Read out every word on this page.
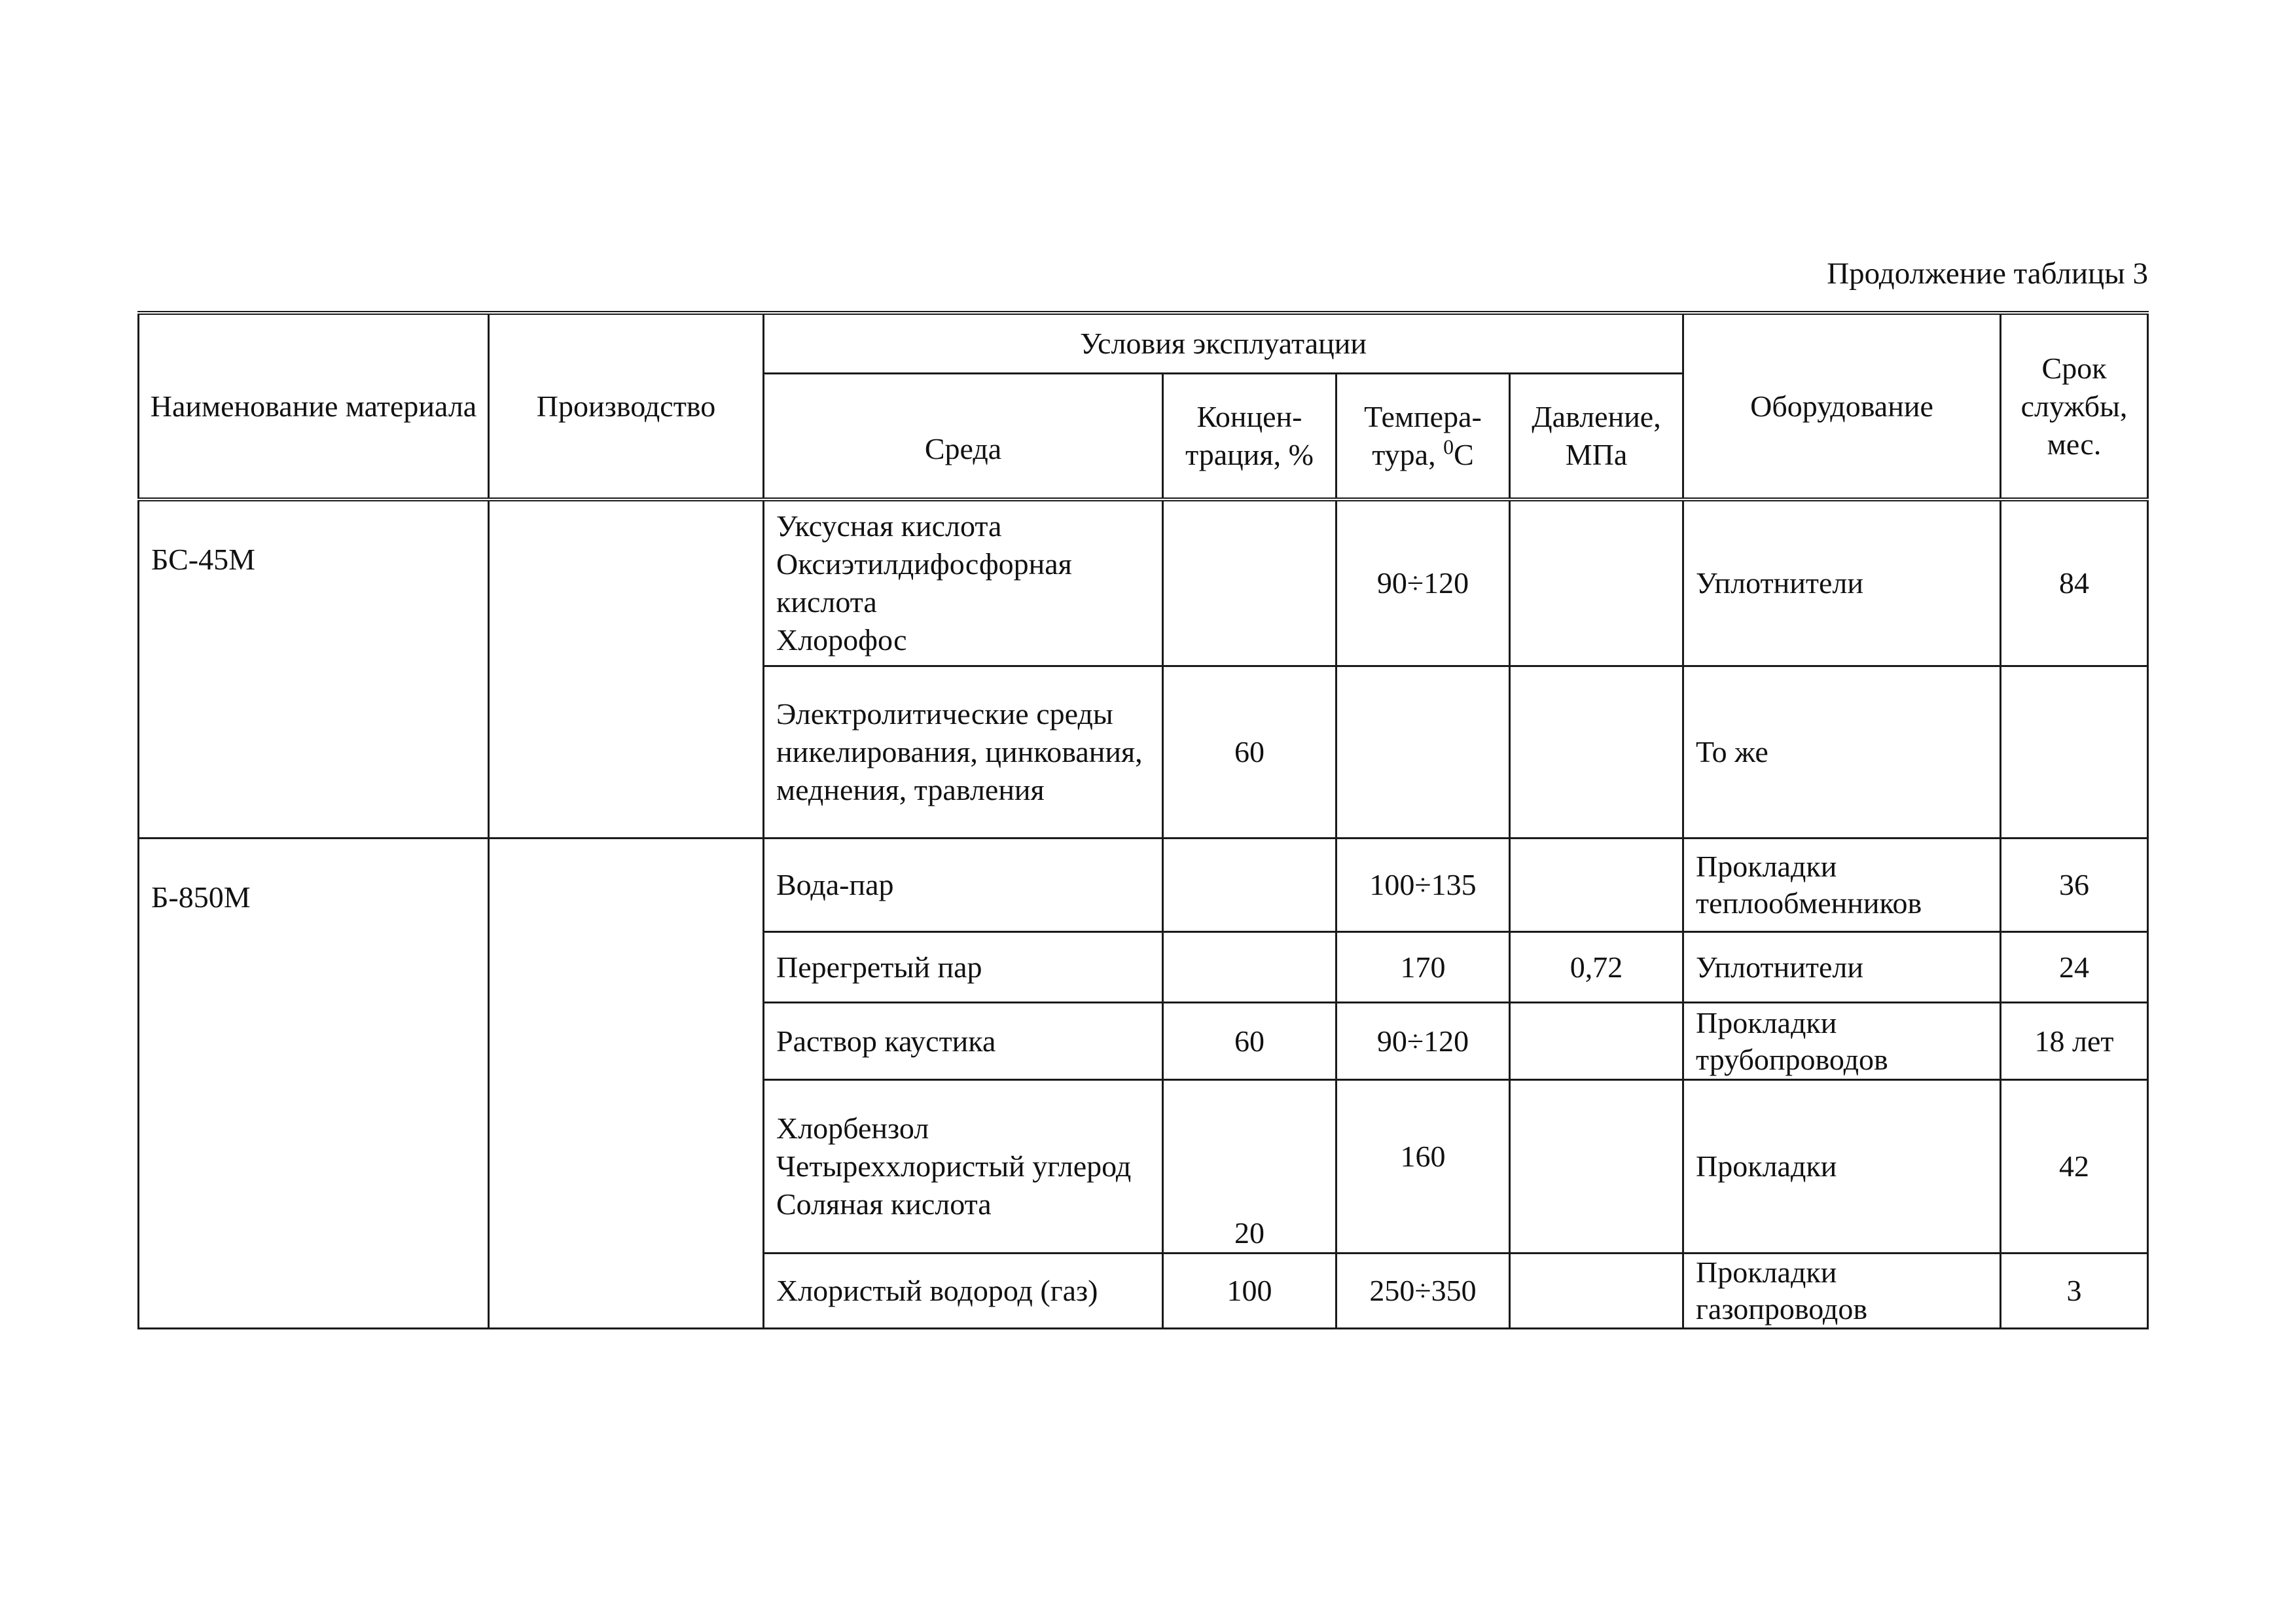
Продолжение таблицы 3
Наименование материала	Производство	Условия эксплуатации				Оборудование	Срок службы, мес.
		Среда	Концен-трация, %	Темпера-тура, $^0$С	Давление, МПа		
БС-45М		Уксусная кислота
Оксиэтилдифосфорная кислота
Хлорофос		90÷120		Уплотнители	84
		Электролитические среды никелирования, цинкования, меднения, травления	60			То же	
Б-850М		Вода-пар		100÷135		Прокладки теплообменников	36
		Перегретый пар		170	0,72	Уплотнители	24
		Раствор каустика	60	90÷120		Прокладки трубопроводов	18 лет
		Хлорбензол
Четыреххлористый углерод
Соляная кислота	20	160		Прокладки	42
		Хлористый водород (газ)	100	250÷350		Прокладки газопроводов	3
